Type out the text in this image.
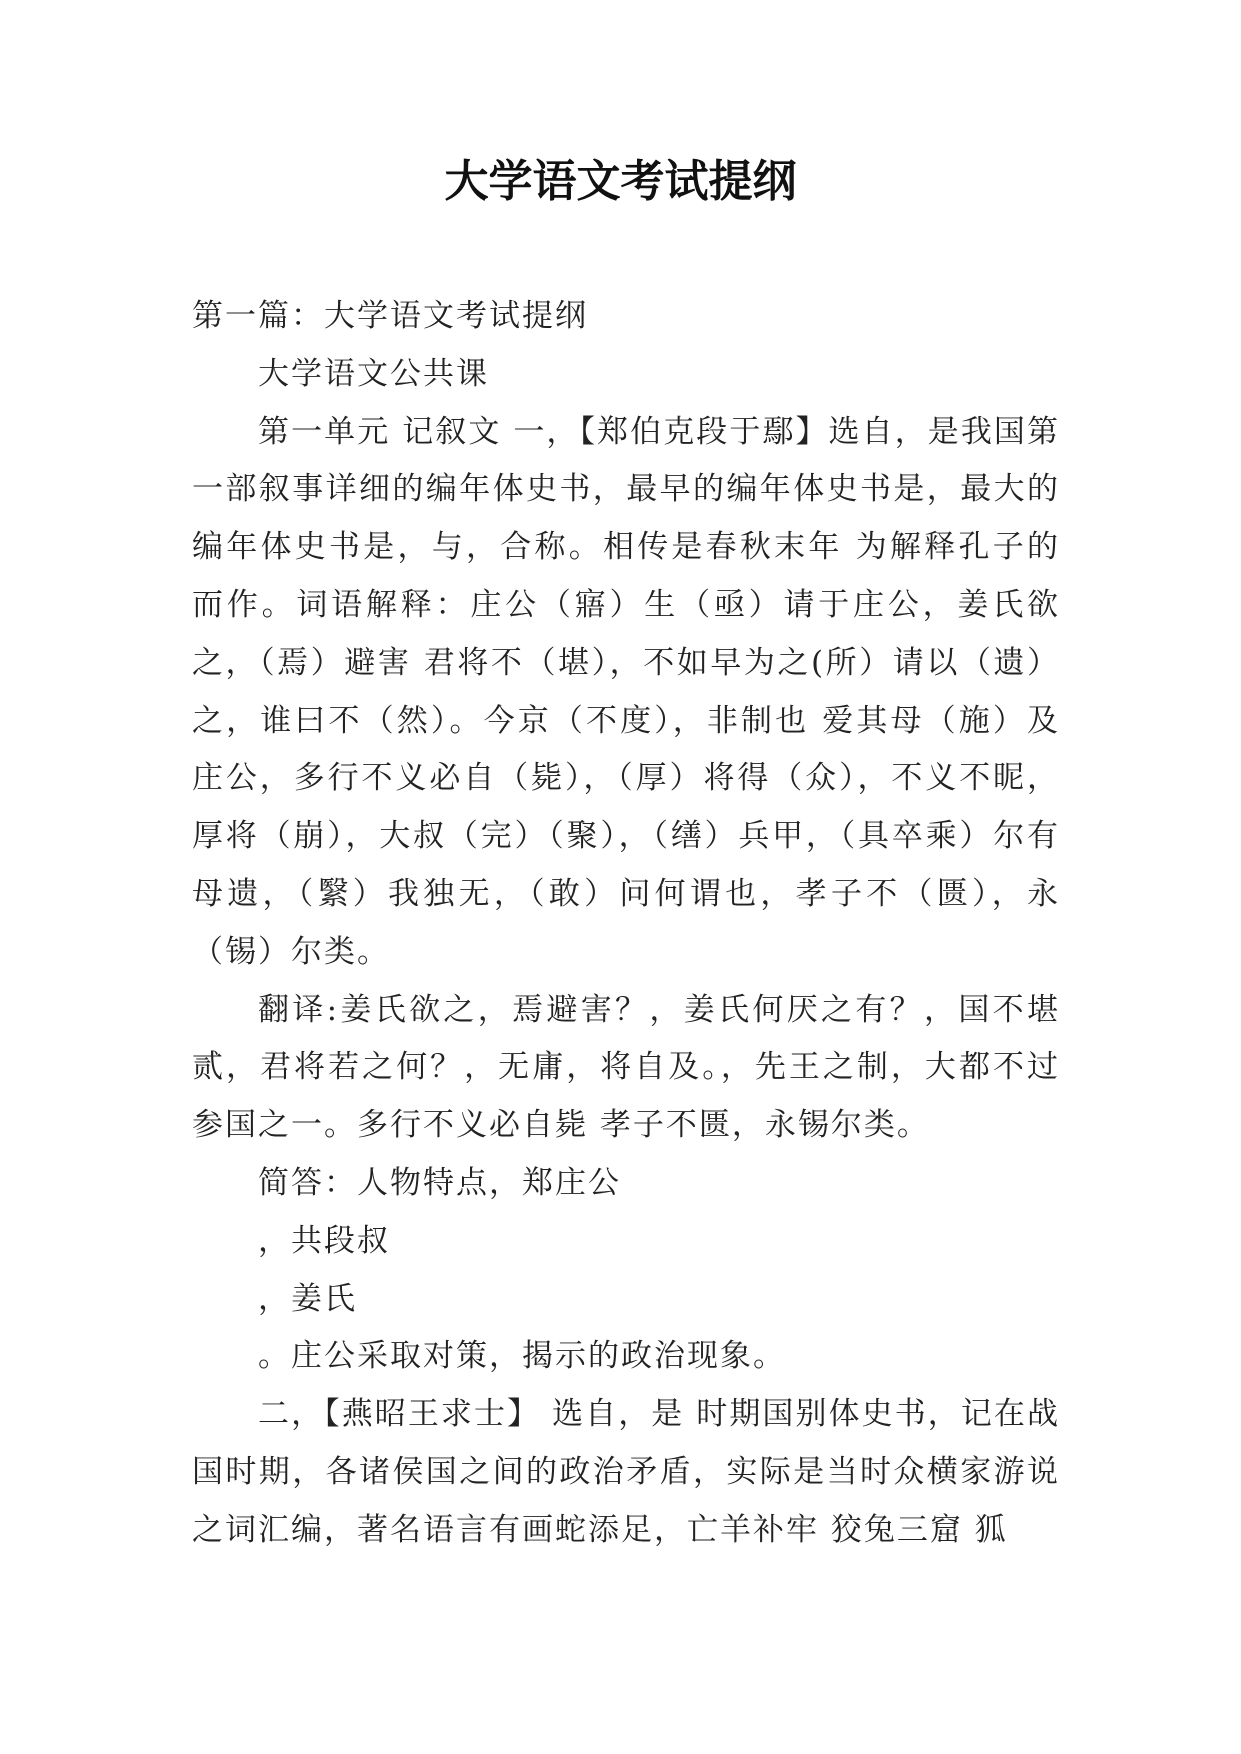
大学语文考试提纲

第一篇：大学语文考试提纲

大学语文公共课

第一单元 记叙文 一，【郑伯克段于鄢】选自，是我国第一部叙事详细的编年体史书，最早的编年体史书是，最大的编年体史书是，与，合称。相传是春秋末年 为解释孔子的 而作。词语解释：庄公（寤）生（亟）请于庄公，姜氏欲之，（焉）避害 君将不（堪），不如早为之(所）请以（遗）之，谁曰不（然）。今京（不度），非制也 爱其母（施）及庄公，多行不义必自（毙），（厚）将得（众），不义不昵，厚将（崩），大叔（完）（聚），（缮）兵甲，（具卒乘）尔有母遗，（繄）我独无，（敢）问何谓也，孝子不（匮），永（锡）尔类。

翻译:姜氏欲之，焉避害？，姜氏何厌之有？，国不堪贰，君将若之何？，无庸，将自及。，先王之制，大都不过参国之一。多行不义必自毙 孝子不匮，永锡尔类。

简答：人物特点，郑庄公

，共段叔

，姜氏

。庄公采取对策，揭示的政治现象。

二，【燕昭王求士】 选自，是 时期国别体史书，记在战国时期，各诸侯国之间的政治矛盾，实际是当时众横家游说之词汇编，著名语言有画蛇添足，亡羊补牢 狡兔三窟 狐
